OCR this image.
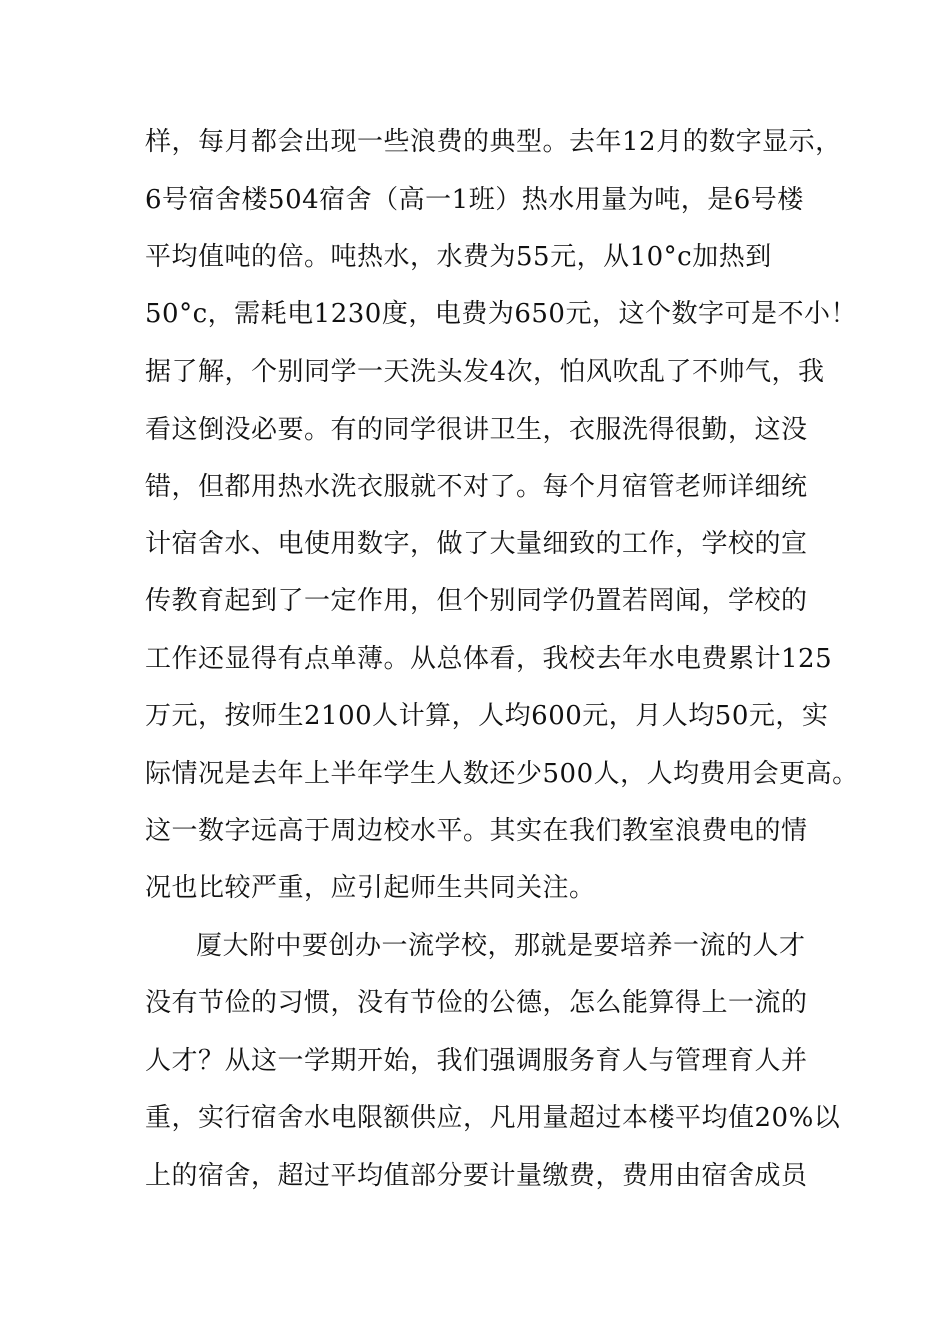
样，每月都会出现一些浪费的典型。去年12月的数字显示，
6号宿舍楼504宿舍（高一1班）热水用量为吨，是6号楼
平均值吨的倍。吨热水，水费为55元，从10°c加热到
50°c，需耗电1230度，电费为650元，这个数字可是不小！
据了解，个别同学一天洗头发4次，怕风吹乱了不帅气，我
看这倒没必要。有的同学很讲卫生，衣服洗得很勤，这没
错，但都用热水洗衣服就不对了。每个月宿管老师详细统
计宿舍水、电使用数字，做了大量细致的工作，学校的宣
传教育起到了一定作用，但个别同学仍置若罔闻，学校的
工作还显得有点单薄。从总体看，我校去年水电费累计125
万元，按师生2100人计算，人均600元，月人均50元，实
际情况是去年上半年学生人数还少500人，人均费用会更高。
这一数字远高于周边校水平。其实在我们教室浪费电的情
况也比较严重，应引起师生共同关注。
厦大附中要创办一流学校，那就是要培养一流的人才
没有节俭的习惯，没有节俭的公德，怎么能算得上一流的
人才？从这一学期开始，我们强调服务育人与管理育人并
重，实行宿舍水电限额供应，凡用量超过本楼平均值20%以
上的宿舍，超过平均值部分要计量缴费，费用由宿舍成员
